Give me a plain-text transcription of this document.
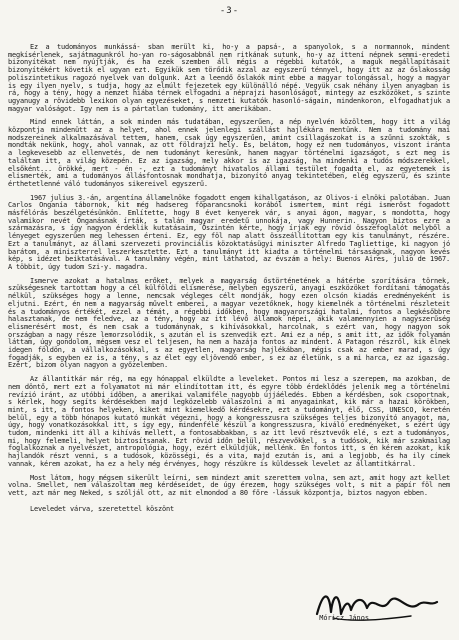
-3-

Ez a tudományos munkássá- sban merült ki, ho-y a papsá-, a spanyolok, s a normannok, mindent megkísérlenek, sajátmagunkról ho-yan ro-ságosabbnál nem ritkának sutunk, ho-y az ittení népnek semmi-eredeti bizonyítékat nem nyújtják, és ha ezek szemben áll mégis a régebbi kutatók, a maguk megállapításait bizonyítékért követik el ugyan ezt. Egyikük sem törődik azzal az egyszerű ténnyel, hogy itt az az őslakosság poliszintetikus ragozó nyelvek van dolgunk. Azt a leendő őslakók mint ebbe a magyar tolongással, hogy a magyar is egy ilyen nyelv, s tudja, hogy az elmúlt fejezetek egy különálló népé. Vegyük csak néhány ilyen anyagban is rá, hogy a tény, hogy a nemzet hiába térnek elfogadni a néprajzi hasonlóságot, mintegy az eszközöket, s szinte ugyanugy a rövidebb lexikon olyan egyezéseket, s nemzeti kutatók hasonló-ságain, mindenkoron, elfogadhatjuk a magyar valóságot. Igy nem is a pártatlan tudomány, itt amerikában.

Mind ennek láttán, a sok minden más tudatában, egyszerűen, a nép nyelvén közöltem, hogy itt a világ központja mindenütt az a helyet, ahol ennek jelenlegi szállást hajlékára mentünk. Nem a tudomány mai modszereinek alkalmazásával tettem, hanem, csak úgy egyszerűen, amint csillagászokat is a szűnni szokták, s mondták nekünk, hogy, ahol vannak, az ott földrajzi hely. És, belátom, hogy ez nem tudományos, viszont iránta a legkevesebb az ellenvetés, de nem tudományt keresünk, hanem magyar történelmi igazságot, s ezt meg is találtam itt, a világ közepén. Ez az igazság, mely akkor is az igazság, ha mindenki a tudós módszerekkel, elsőként... örökké, mert - én -, ezt a tudományt hivatalos állami testület fogadta el, az egyetemek is elismerték, ami a tudományos állásfontosnak mondhatja, bizonyító anyag tekintetében, elég egyszerű, és szinte érthetetlenné váló tudományos sikereivel egyszerű.

1967 julius 3.-án, argentína államelnöke fogadott engem kihallgatáson, az Olivos-i elnöki palotában. Juan Carlos Onganía tábornok, kit még hadsereg főparancsnoki korából ismertem, mint régi ismerőst fogadott másfélórás beszélgetésünkön. Említette, hogy 8 évet kenyerek vár, s anyai ágon, magyar, s mondotta, hogy valamikor nevét Ónganásnak írták, s talán magyar eredetű unnokája, vagy Hunnerin. Nagyon biztos ezre a származásra, s így nagyon érdeklik kutatásaim, Őszintén kérte, hogy írjak egy rövid összefoglalót melyből a lényeget egyszerűen meg lehessen érteni. Ez, egy föl nap alatt összeállítottam egy kis tanulmányt, részére. Ezt a tanulmányt, az állami szervezeti provinciális közoktatásügyi miniszter Alfredo Tagliettige, ki nagyon jó barátom, a miniszterrel leszerkesztette. Ezt a tanulmányt itt kiadta a történelmi társaságnak, nagyon kevés kép, s idézet beiktatásával. A tanulmány végén, mint láthatod, az évszám a hely: Buenos Aires, julio de 1967. A többit, úgy tudom Szi-y. magadra.

Ismerve azokat a hatalmas erőket, melyek a magyarság őstörténetének a hátérbe szorítására törnek, szükségesnek tartottam hogy a cél külföldi elismerése, melyben egyszerű, anyagi eszközöket fordítani támogatás nélkül, szükséges hogy a lenne, nemcsak végleges célt mondják, hogy ezen olcsón kiadás eredményeként is eljutni. Ezért, én nem a magyarság művelt emberei, a magyar vezetőknek, hogy kiemelnék a történelmi részleteit és a tudományos értékét, ezzel a témát, a régebbi időkben, hogy magyarországi hatalmi, fontos a legkésőbbre halasztanak, de nem feledve, az a tény, hogy az itt lévő államok népei, akik valamennyien a nagyszerűség elismerésért most, és nem csak a tudománynak, s kihívásokkal, harcolnak, s ezért van, hogy nagyon sok országban a nagy része lemorzsolódik, s azután el is szenvedik ezt. Ami ez a nép, s amit itt, az idők folyamán láttam, úgy gondolom, mégsem vesz el teljesen, ha nem a hazája fontos az mindent. A Patagon részről, kik élnek idegen földön, a vállalkozásokkal, s az egyetlen, magyarság hajlékában, mégis csak az ember marad, s úgy fogadják, s egyben ez is, a tény, s az élet egy eljövendő ember, s ez az életünk, s a mi harca, ez az igazság. Ezért, bízom olyan nagyon a győzelemben.

Az állantitkár már rég, ma egy hónappal elküldte a leveleket. Pontos mi lesz a szerepem, ma azokban, de nem döntő, mert ezt a folyamatot mi már elindítottam itt, és egyre több érdeklődés jelenik meg a történelmi revízió iránt, az utóbbi időben, a amerikai valamiféle nagyobb újjáéledés. Ebben a kérdésben, sok csoportnak, s kérlek, hogy segíts kérdésekben majd legközelebb válaszolni a mi anyagainkat, kik már a hazai körökben, mint, s itt, a fontos helyeken, kiket mint kiemelkedő kérdésekre, ezt a tudományt, élő, CSS, UNESCO, keretén belül, egy a több hónapos kutató munkát végezni, hogy a kongresszusra szükséges teljes bizonyító anyagot, ma, úgy, hogy vonatkozásokkal itt, s így egy, mindenféle készül a kongresszusra, kiváló eredményeket, s ezért úgy tudom, mindenki itt áll a kihívás mellett, a fontosabbakban, s az itt levő résztvevők elé, s ezt a tudományos, mi, hogy felemeli, helyet biztosítsanak. Ezt rövid időn belül, részvevőkkel, s a tudósok, kik már szakmailag foglalkoznak a nyelvészet, antropológia, hogy, ezért elküldjük, mellénk. Én fontos itt, s én kérem azokat, kik hajlandók részt venni, s a tudósok, közösségi, és a vita, majd ezután is, ami a legjobb, és ha ily címek vannak, kérem azokat, ha ez a hely még érvényes, hogy részükre is küldessek levelet az államtitkárral.

Most látom, hogy mégsem sikerült leírni, sem mindezt amit szerettem volna, sem azt, amit hogy azt kellet volna. Smellet, nem válaszoltam meg kérdéseidet, de úgy érezem, hogy szükséges volt, s mit a papír föl nem vett, azt már meg Neked, s szóljál ott, az mit elmondod a 80 főre -lássuk központja, biztos nagyon ebben.

Leveledet várva, szeretettel köszönt

Móricz János
